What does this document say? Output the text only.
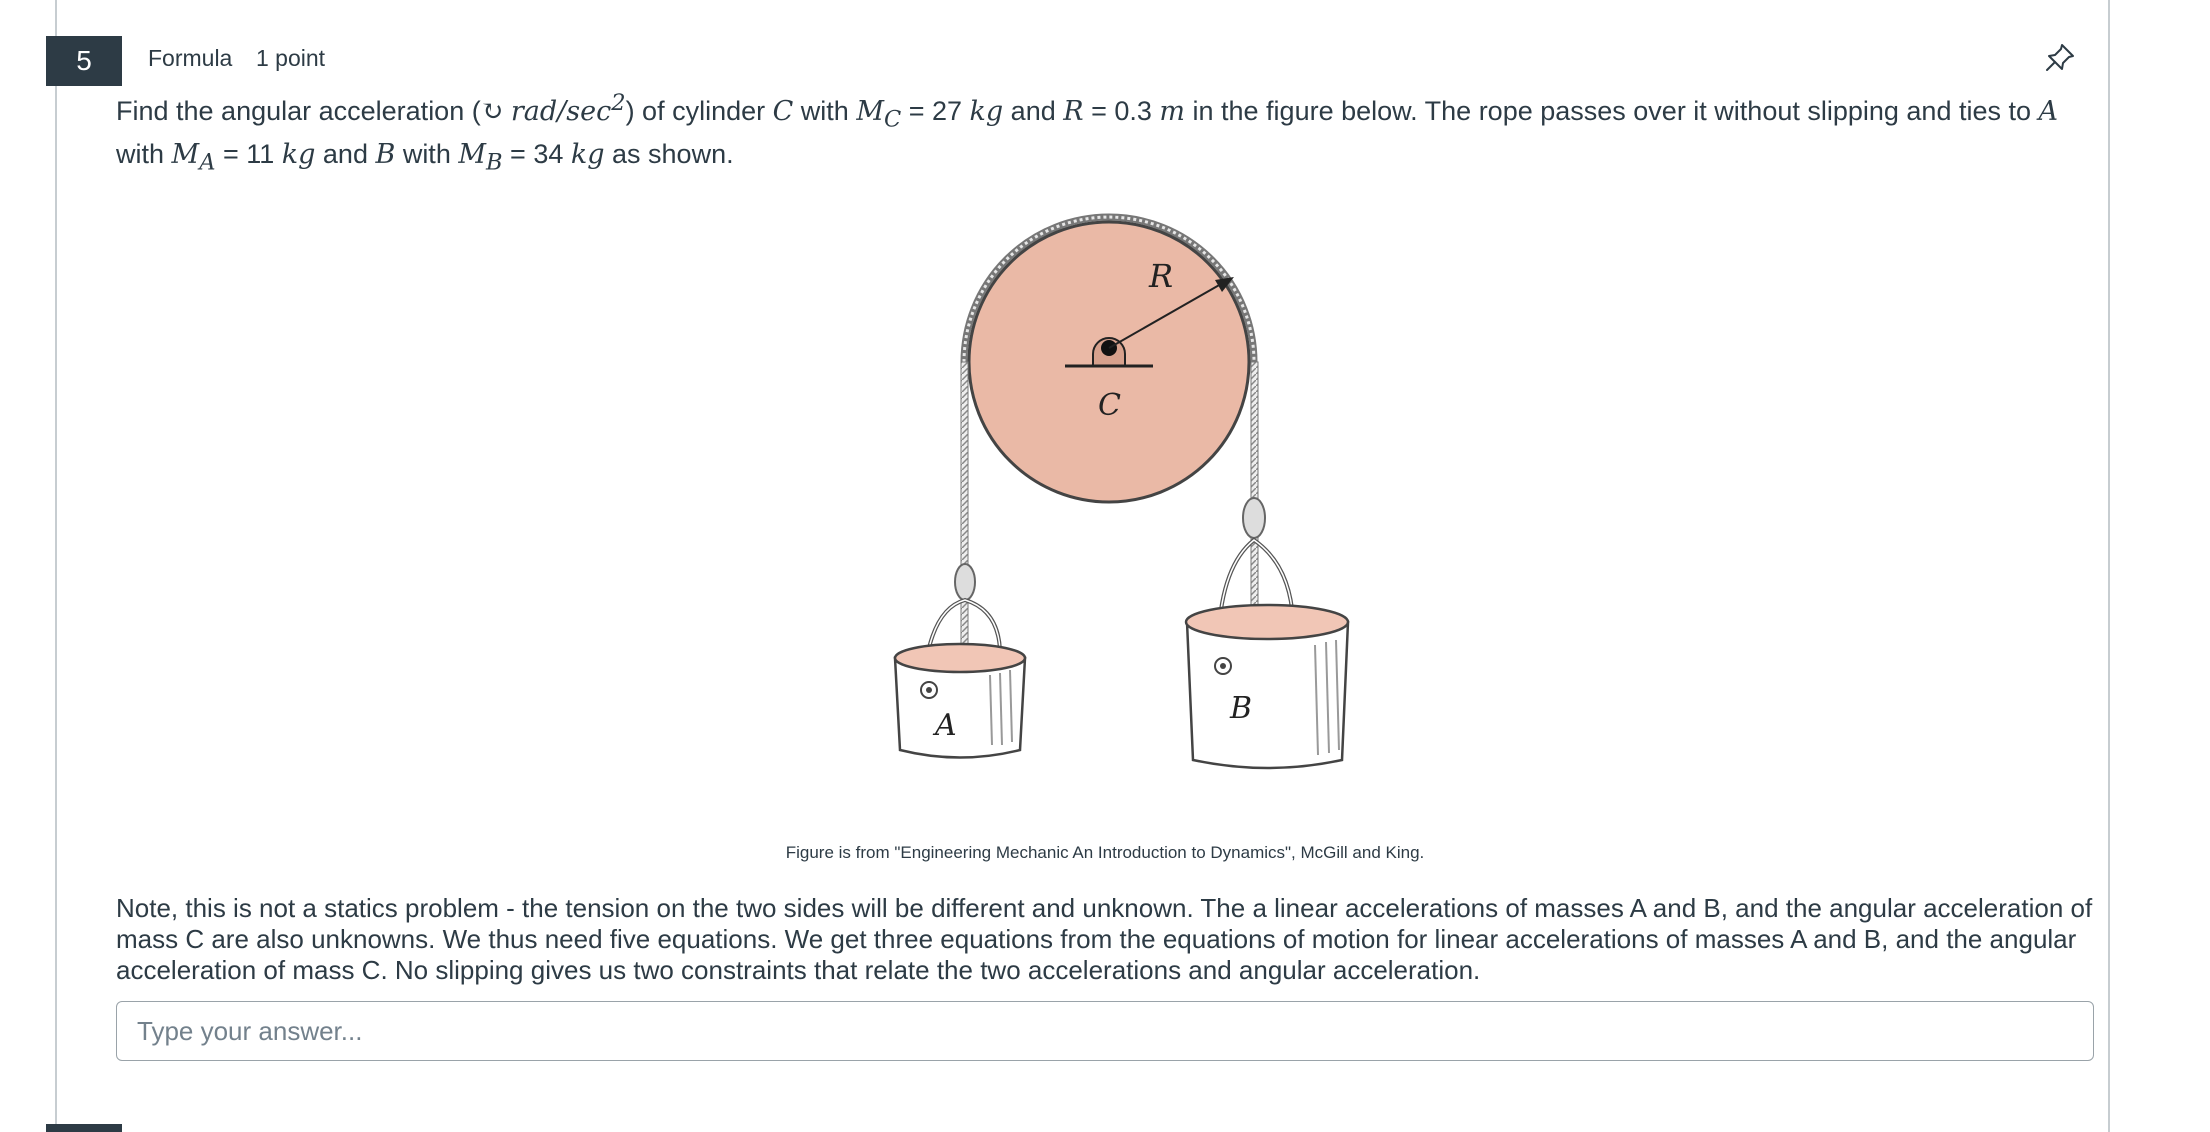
5	Formula 1 point
Find the angular acceleration (↻ rad/$\sec^2$) of cylinder C with $M_C = 27$ kg and R = 0.3 m in the figure below. The rope passes over it without slipping and ties to A with $M_A = 11$ kg and B with $M_B = 34$ kg as shown.
R
C
A	B
Figure is from "Engineering Mechanic An Introduction to Dynamics", McGill and King.
Note, this is not a statics problem - the tension on the two sides will be different and unknown. The a linear accelerations of masses A and B, and the angular acceleration of mass C are also unknowns. We thus need five equations. We get three equations from the equations of motion for linear accelerations of masses A and B, and the angular acceleration of mass C. No slipping gives us two constraints that relate the two accelerations and angular acceleration.
Type your answer...
